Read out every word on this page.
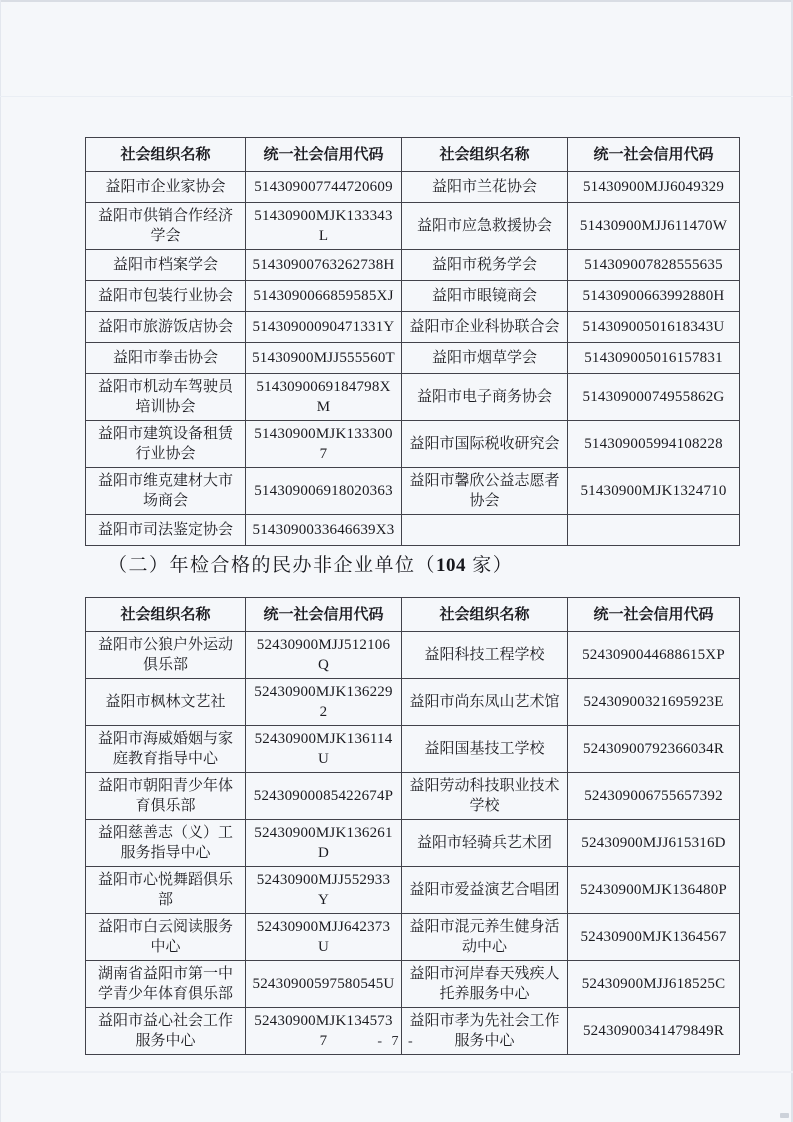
社会组织名称	统一社会信用代码	社会组织名称	统一社会信用代码
益阳市企业家协会	514309007744720609	益阳市兰花协会	51430900MJJ6049329
益阳市供销合作经济学会	51430900MJK133343L	益阳市应急救援协会	51430900MJJ611470W
益阳市档案学会	51430900763262738H	益阳市税务学会	514309007828555635
益阳市包装行业协会	5143090066859585XJ	益阳市眼镜商会	51430900663992880H
益阳市旅游饭店协会	51430900090471331Y	益阳市企业科协联合会	51430900501618343U
益阳市拳击协会	51430900MJJ555560T	益阳市烟草学会	514309005016157831
益阳市机动车驾驶员培训协会	5143090069184798XM	益阳市电子商务协会	51430900074955862G
益阳市建筑设备租赁行业协会	51430900MJK1333007	益阳市国际税收研究会	514309005994108228
益阳市维克建材大市场商会	514309006918020363	益阳市馨欣公益志愿者协会	51430900MJK1324710
益阳市司法鉴定协会	5143090033646639X3		
（二）年检合格的民办非企业单位（104 家）
社会组织名称	统一社会信用代码	社会组织名称	统一社会信用代码
益阳市公狼户外运动俱乐部	52430900MJJ512106Q	益阳科技工程学校	5243090044688615XP
益阳市枫林文艺社	52430900MJK1362292	益阳市尚东凤山艺术馆	52430900321695923E
益阳市海威婚姻与家庭教育指导中心	52430900MJK136114U	益阳国基技工学校	52430900792366034R
益阳市朝阳青少年体育俱乐部	52430900085422674P	益阳劳动科技职业技术学校	524309006755657392
益阳慈善志（义）工服务指导中心	52430900MJK136261D	益阳市轻骑兵艺术团	52430900MJJ615316D
益阳市心悦舞蹈俱乐部	52430900MJJ552933Y	益阳市爱益演艺合唱团	52430900MJK136480P
益阳市白云阅读服务中心	52430900MJJ642373U	益阳市混元养生健身活动中心	52430900MJK1364567
湖南省益阳市第一中学青少年体育俱乐部	52430900597580545U	益阳市河岸春天残疾人托养服务中心	52430900MJJ618525C
益阳市益心社会工作服务中心	52430900MJK1345737	益阳市孝为先社会工作服务中心	52430900341479849R
- 7 -
